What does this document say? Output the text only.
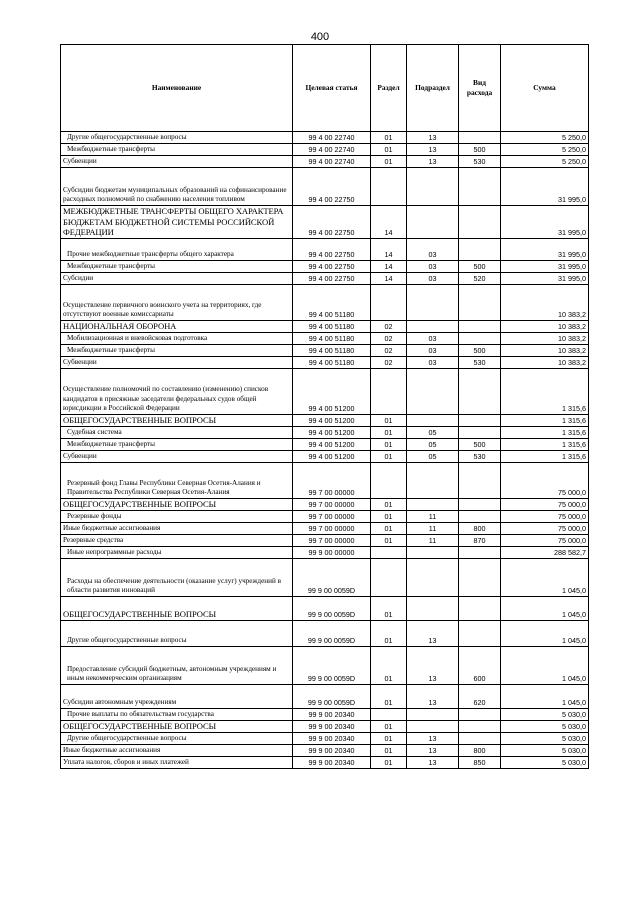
400
Наименование	Целевая статья	Раздел	Подраздел	Вид расхода	Сумма
Другие общегосударственные вопросы	99 4 00 22740	01	13		5 250,0
Межбюджетные трансферты	99 4 00 22740	01	13	500	5 250,0
Субвенции	99 4 00 22740	01	13	530	5 250,0
Субсидии бюджетам муниципальных образований на софинансирование расходных полномочий по снабжению населения топливом	99 4 00 22750				31 995,0
МЕЖБЮДЖЕТНЫЕ ТРАНСФЕРТЫ ОБЩЕГО ХАРАКТЕРА БЮДЖЕТАМ БЮДЖЕТНОЙ СИСТЕМЫ РОССИЙСКОЙ ФЕДЕРАЦИИ	99 4 00 22750	14			31 995,0
Прочие межбюджетные трансферты общего характера	99 4 00 22750	14	03		31 995,0
Межбюджетные трансферты	99 4 00 22750	14	03	500	31 995,0
Субсидии	99 4 00 22750	14	03	520	31 995,0
Осуществление первичного воинского учета на территориях, где отсутствуют военные комиссариаты	99 4 00 51180				10 383,2
НАЦИОНАЛЬНАЯ ОБОРОНА	99 4 00 51180	02			10 383,2
Мобилизационная и вневойсковая подготовка	99 4 00 51180	02	03		10 383,2
Межбюджетные трансферты	99 4 00 51180	02	03	500	10 383,2
Субвенции	99 4 00 51180	02	03	530	10 383,2
Осуществление полномочий по составлению (изменению) списков кандидатов в присяжные заседатели федеральных судов общей юрисдикции в Российской Федерации	99 4 00 51200				1 315,6
ОБЩЕГОСУДАРСТВЕННЫЕ ВОПРОСЫ	99 4 00 51200	01			1 315,6
Судебная система	99 4 00 51200	01	05		1 315,6
Межбюджетные трансферты	99 4 00 51200	01	05	500	1 315,6
Субвенции	99 4 00 51200	01	05	530	1 315,6
Резервный фонд Главы Республики Северная Осетия-Алания и Правительства Республики Северная Осетия-Алания	99 7 00 00000				75 000,0
ОБЩЕГОСУДАРСТВЕННЫЕ ВОПРОСЫ	99 7 00 00000	01			75 000,0
Резервные фонды	99 7 00 00000	01	11		75 000,0
Иные бюджетные ассигнования	99 7 00 00000	01	11	800	75 000,0
Резервные средства	99 7 00 00000	01	11	870	75 000,0
Иные непрограммные расходы	99 9 00 00000				288 582,7
Расходы на обеспечение деятельности (оказание услуг) учреждений в области развития инноваций	99 9 00 0059D				1 045,0
ОБЩЕГОСУДАРСТВЕННЫЕ ВОПРОСЫ	99 9 00 0059D	01			1 045,0
Другие общегосударственные вопросы	99 9 00 0059D	01	13		1 045,0
Предоставление субсидий бюджетным, автономным учреждениям и иным некоммерческим организациям	99 9 00 0059D	01	13	600	1 045,0
Субсидии автономным учреждениям	99 9 00 0059D	01	13	620	1 045,0
Прочие выплаты по обязательствам государства	99 9 00 20340				5 030,0
ОБЩЕГОСУДАРСТВЕННЫЕ ВОПРОСЫ	99 9 00 20340	01			5 030,0
Другие общегосударственные вопросы	99 9 00 20340	01	13		5 030,0
Иные бюджетные ассигнования	99 9 00 20340	01	13	800	5 030,0
Уплата налогов, сборов и иных платежей	99 9 00 20340	01	13	850	5 030,0
